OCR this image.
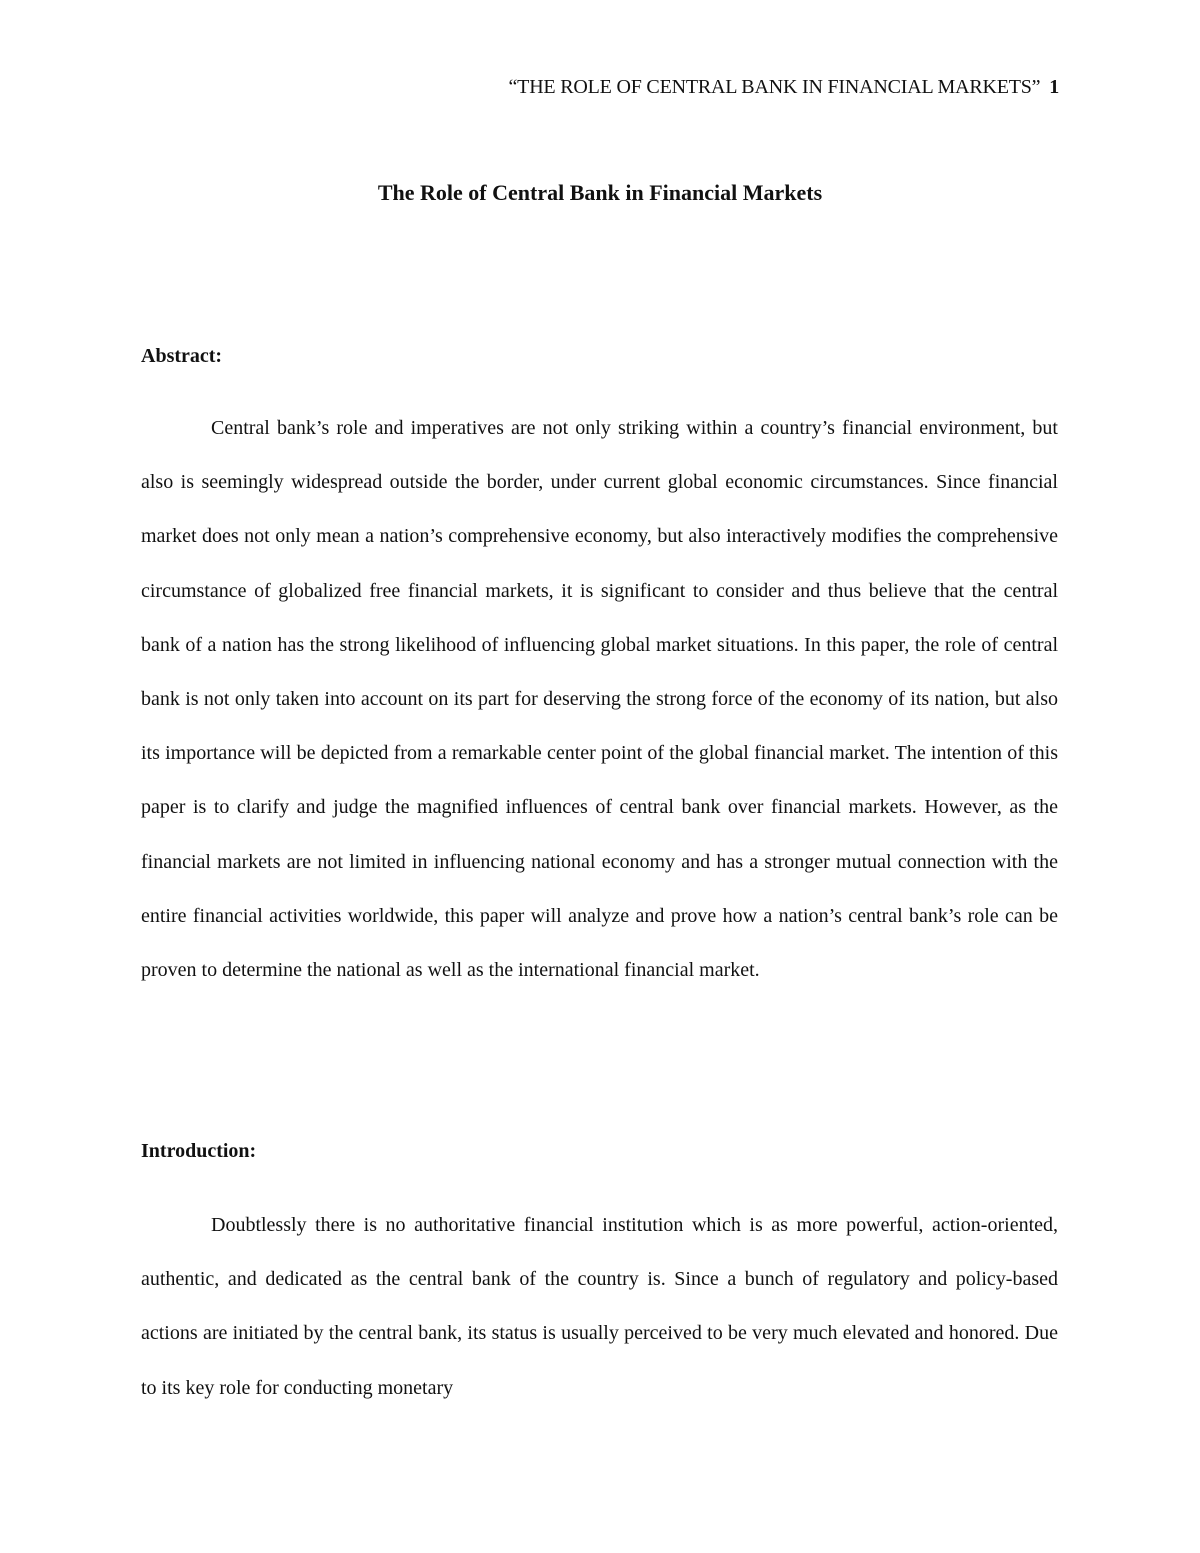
“THE ROLE OF CENTRAL BANK IN FINANCIAL MARKETS” 1
The Role of Central Bank in Financial Markets
Abstract:

Central bank’s role and imperatives are not only striking within a country’s financial environment, but also is seemingly widespread outside the border, under current global economic circumstances. Since financial market does not only mean a nation’s comprehensive economy, but also interactively modifies the comprehensive circumstance of globalized free financial markets, it is significant to consider and thus believe that the central bank of a nation has the strong likelihood of influencing global market situations. In this paper, the role of central bank is not only taken into account on its part for deserving the strong force of the economy of its nation, but also its importance will be depicted from a remarkable center point of the global financial market. The intention of this paper is to clarify and judge the magnified influences of central bank over financial markets. However, as the financial markets are not limited in influencing national economy and has a stronger mutual connection with the entire financial activities worldwide, this paper will analyze and prove how a nation’s central bank’s role can be proven to determine the national as well as the international financial market.

Introduction:

Doubtlessly there is no authoritative financial institution which is as more powerful, action-oriented, authentic, and dedicated as the central bank of the country is. Since a bunch of regulatory and policy-based actions are initiated by the central bank, its status is usually perceived to be very much elevated and honored. Due to its key role for conducting monetary
